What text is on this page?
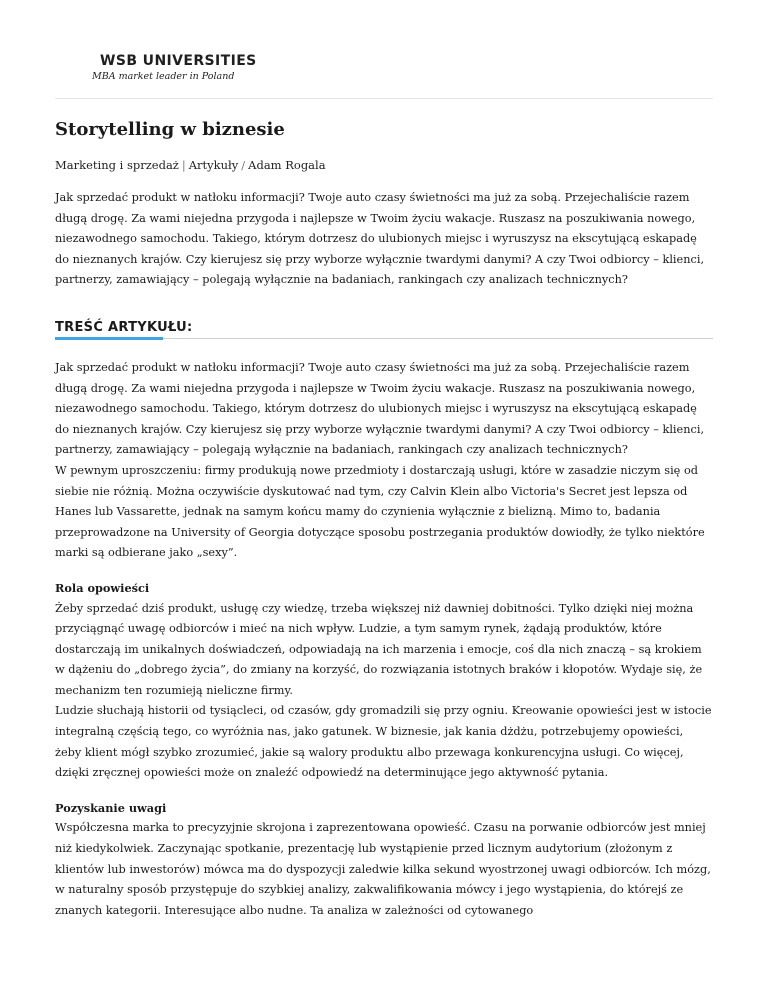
WSB UNIVERSITIES
MBA market leader in Poland
Storytelling w biznesie
Marketing i sprzedaż | Artykuły / Adam Rogala

Jak sprzedać produkt w natłoku informacji? Twoje auto czasy świetności ma już za sobą. Przejechaliście razem długą drogę. Za wami niejedna przygoda i najlepsze w Twoim życiu wakacje. Ruszasz na poszukiwania nowego, niezawodnego samochodu. Takiego, którym dotrzesz do ulubionych miejsc i wyruszysz na ekscytującą eskapadę do nieznanych krajów. Czy kierujesz się przy wyborze wyłącznie twardymi danymi? A czy Twoi odbiorcy – klienci, partnerzy, zamawiający – polegają wyłącznie na badaniach, rankingach czy analizach technicznych?

TREŚĆ ARTYKUŁU:

Jak sprzedać produkt w natłoku informacji? Twoje auto czasy świetności ma już za sobą. Przejechaliście razem długą drogę. Za wami niejedna przygoda i najlepsze w Twoim życiu wakacje. Ruszasz na poszukiwania nowego, niezawodnego samochodu. Takiego, którym dotrzesz do ulubionych miejsc i wyruszysz na ekscytującą eskapadę do nieznanych krajów. Czy kierujesz się przy wyborze wyłącznie twardymi danymi? A czy Twoi odbiorcy – klienci, partnerzy, zamawiający – polegają wyłącznie na badaniach, rankingach czy analizach technicznych?

W pewnym uproszczeniu: firmy produkują nowe przedmioty i dostarczają usługi, które w zasadzie niczym się od siebie nie różnią. Można oczywiście dyskutować nad tym, czy Calvin Klein albo Victoria's Secret jest lepsza od Hanes lub Vassarette, jednak na samym końcu mamy do czynienia wyłącznie z bielizną. Mimo to, badania przeprowadzone na University of Georgia dotyczące sposobu postrzegania produktów dowiodły, że tylko niektóre marki są odbierane jako „sexy”.

Rola opowieści

Żeby sprzedać dziś produkt, usługę czy wiedzę, trzeba większej niż dawniej dobitności. Tylko dzięki niej można przyciągnąć uwagę odbiorców i mieć na nich wpływ. Ludzie, a tym samym rynek, żądają produktów, które dostarczają im unikalnych doświadczeń, odpowiadają na ich marzenia i emocje, coś dla nich znaczą – są krokiem w dążeniu do „dobrego życia”, do zmiany na korzyść, do rozwiązania istotnych braków i kłopotów. Wydaje się, że mechanizm ten rozumieją nieliczne firmy.

Ludzie słuchają historii od tysiącleci, od czasów, gdy gromadzili się przy ogniu. Kreowanie opowieści jest w istocie integralną częścią tego, co wyróżnia nas, jako gatunek. W biznesie, jak kania dżdżu, potrzebujemy opowieści, żeby klient mógł szybko zrozumieć, jakie są walory produktu albo przewaga konkurencyjna usługi. Co więcej, dzięki zręcznej opowieści może on znaleźć odpowiedź na determinujące jego aktywność pytania.

Pozyskanie uwagi

Współczesna marka to precyzyjnie skrojona i zaprezentowana opowieść. Czasu na porwanie odbiorców jest mniej niż kiedykolwiek. Zaczynając spotkanie, prezentację lub wystąpienie przed licznym audytorium (złożonym z klientów lub inwestorów) mówca ma do dyspozycji zaledwie kilka sekund wyostrzonej uwagi odbiorców. Ich mózg, w naturalny sposób przystępuje do szybkiej analizy, zakwalifikowania mówcy i jego wystąpienia, do którejś ze znanych kategorii. Interesujące albo nudne. Ta analiza w zależności od cytowanego
